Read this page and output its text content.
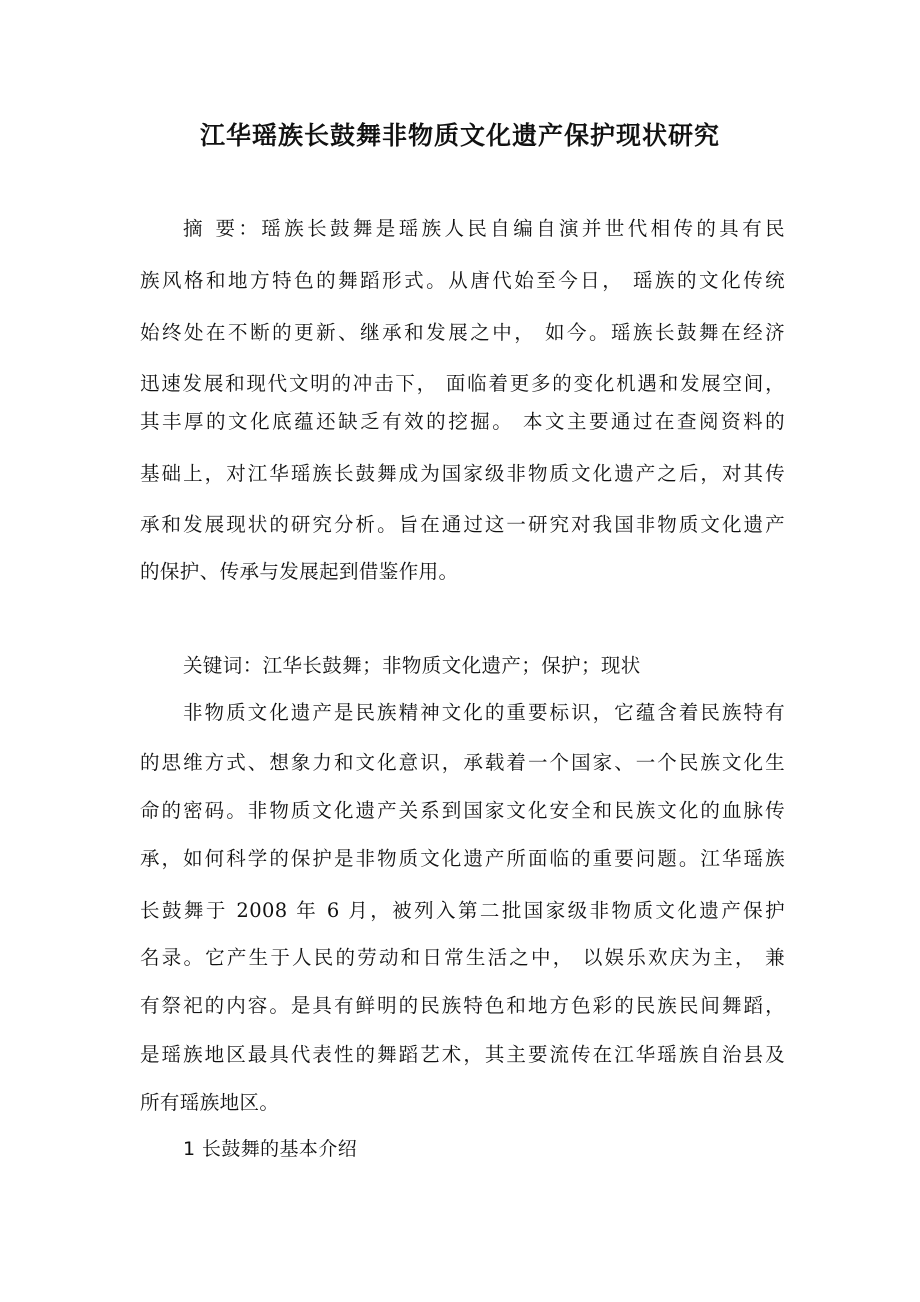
江华瑶族长鼓舞非物质文化遗产保护现状研究
摘 要：瑶族长鼓舞是瑶族人民自编自演并世代相传的具有民
族风格和地方特色的舞蹈形式。从唐代始至今日， 瑶族的文化传统
始终处在不断的更新、继承和发展之中， 如今。瑶族长鼓舞在经济
迅速发展和现代文明的冲击下， 面临着更多的变化机遇和发展空间，
其丰厚的文化底蕴还缺乏有效的挖掘。 本文主要通过在查阅资料的
基础上，对江华瑶族长鼓舞成为国家级非物质文化遗产之后，对其传
承和发展现状的研究分析。旨在通过这一研究对我国非物质文化遗产
的保护、传承与发展起到借鉴作用。
关键词：江华长鼓舞；非物质文化遗产；保护；现状
非物质文化遗产是民族精神文化的重要标识，它蕴含着民族特有
的思维方式、想象力和文化意识，承载着一个国家、一个民族文化生
命的密码。非物质文化遗产关系到国家文化安全和民族文化的血脉传
承，如何科学的保护是非物质文化遗产所面临的重要问题。江华瑶族
长鼓舞于 2008 年 6 月，被列入第二批国家级非物质文化遗产保护
名录。它产生于人民的劳动和日常生活之中， 以娱乐欢庆为主， 兼
有祭祀的内容。是具有鲜明的民族特色和地方色彩的民族民间舞蹈，
是瑶族地区最具代表性的舞蹈艺术，其主要流传在江华瑶族自治县及
所有瑶族地区。
1 长鼓舞的基本介绍
